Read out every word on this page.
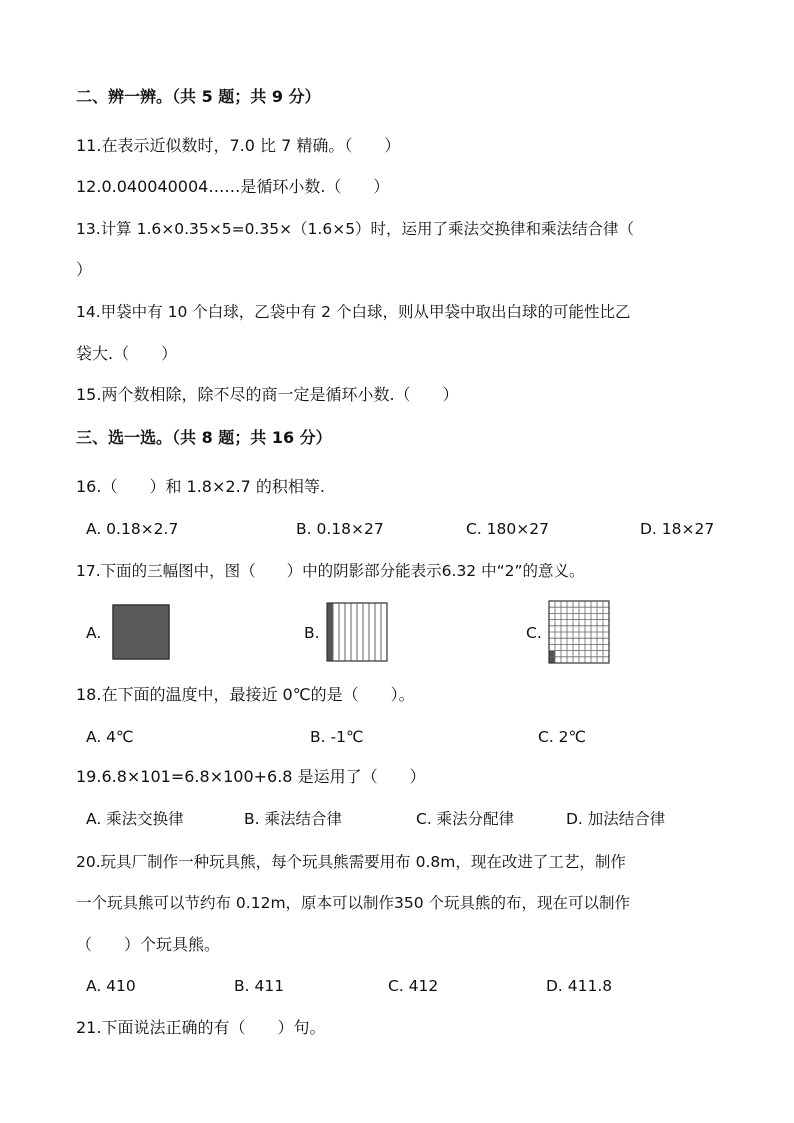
二、辨一辨。（共 5 题；共 9 分）
11.在表示近似数时，7.0 比 7 精确。（　　）
12.0.040040004……是循环小数.（　　）
13.计算 1.6×0.35×5=0.35×（1.6×5）时，运用了乘法交换律和乘法结合律（
）
14.甲袋中有 10 个白球，乙袋中有 2 个白球，则从甲袋中取出白球的可能性比乙
袋大.（　　）
15.两个数相除，除不尽的商一定是循环小数.（　　）
三、选一选。（共 8 题；共 16 分）
16.（　　）和 1.8×2.7 的积相等.
A. 0.18×2.7	B. 0.18×27	C. 180×27	D. 18×27
17.下面的三幅图中，图（　　）中的阴影部分能表示6.32 中“2”的意义。
A.	B.	C.
18.在下面的温度中，最接近 0℃的是（　　）。
A. 4℃	B. -1℃	C. 2℃
19.6.8×101=6.8×100+6.8 是运用了（　　）
A. 乘法交换律	B. 乘法结合律	C. 乘法分配律	D. 加法结合律
20.玩具厂制作一种玩具熊，每个玩具熊需要用布 0.8m，现在改进了工艺，制作
一个玩具熊可以节约布 0.12m，原本可以制作350 个玩具熊的布，现在可以制作
（　　）个玩具熊。
A. 410	B. 411	C. 412	D. 411.8
21.下面说法正确的有（　　）句。
